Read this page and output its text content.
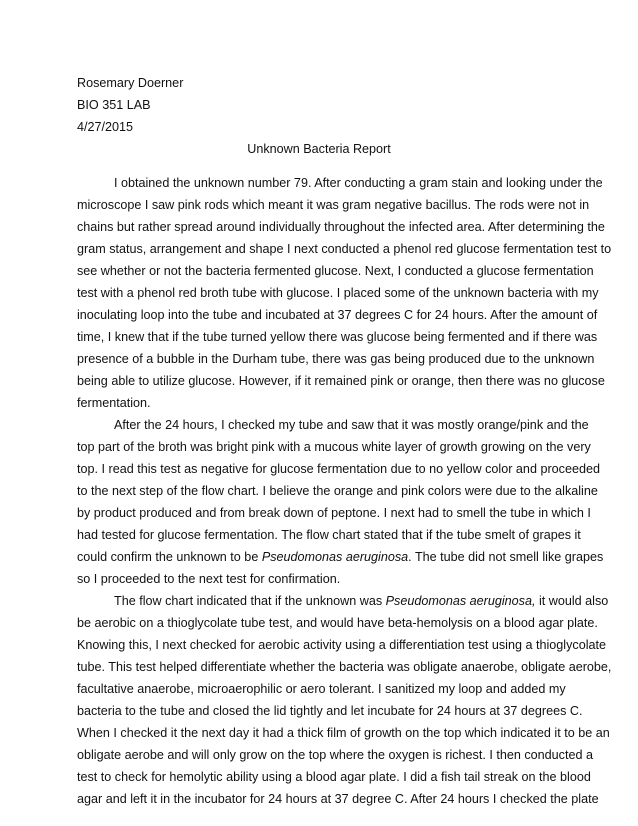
Rosemary Doerner
BIO 351 LAB
4/27/2015
Unknown Bacteria Report
I obtained the unknown number 79. After conducting a gram stain and looking under the
microscope I saw pink rods which meant it was gram negative bacillus. The rods were not in
chains but rather spread around individually throughout the infected area. After determining the
gram status, arrangement and shape I next conducted a phenol red glucose fermentation test to
see whether or not the bacteria fermented glucose. Next, I conducted a glucose fermentation
test with a phenol red broth tube with glucose. I placed some of the unknown bacteria with my
inoculating loop into the tube and incubated at 37 degrees C for 24 hours. After the amount of
time, I knew that if the tube turned yellow there was glucose being fermented and if there was
presence of a bubble in the Durham tube, there was gas being produced due to the unknown
being able to utilize glucose. However, if it remained pink or orange, then there was no glucose
fermentation.
After the 24 hours, I checked my tube and saw that it was mostly orange/pink and the
top part of the broth was bright pink with a mucous white layer of growth growing on the very
top. I read this test as negative for glucose fermentation due to no yellow color and proceeded
to the next step of the flow chart. I believe the orange and pink colors were due to the alkaline
by product produced and from break down of peptone. I next had to smell the tube in which I
had tested for glucose fermentation. The flow chart stated that if the tube smelt of grapes it
could confirm the unknown to be Pseudomonas aeruginosa. The tube did not smell like grapes
so I proceeded to the next test for confirmation.
The flow chart indicated that if the unknown was Pseudomonas aeruginosa, it would also
be aerobic on a thioglycolate tube test, and would have beta-hemolysis on a blood agar plate.
Knowing this, I next checked for aerobic activity using a differentiation test using a thioglycolate
tube. This test helped differentiate whether the bacteria was obligate anaerobe, obligate aerobe,
facultative anaerobe, microaerophilic or aero tolerant. I sanitized my loop and added my
bacteria to the tube and closed the lid tightly and let incubate for 24 hours at 37 degrees C.
When I checked it the next day it had a thick film of growth on the top which indicated it to be an
obligate aerobe and will only grow on the top where the oxygen is richest. I then conducted a
test to check for hemolytic ability using a blood agar plate. I did a fish tail streak on the blood
agar and left it in the incubator for 24 hours at 37 degree C. After 24 hours I checked the plate
